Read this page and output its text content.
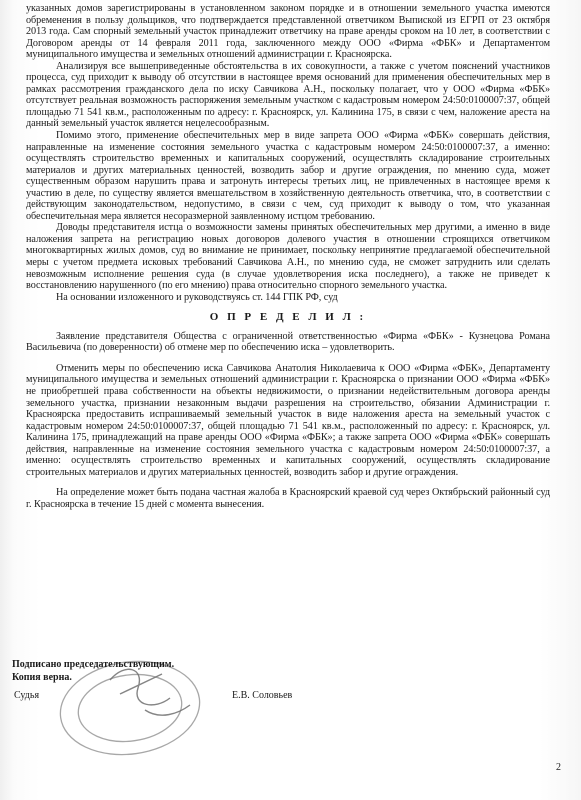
указанных домов зарегистрированы в установленном законом порядке и в отношении земельного участка имеются обременения в пользу дольщиков, что подтверждается представленной ответчиком Выпиской из ЕГРП от 23 октября 2013 года. Сам спорный земельный участок принадлежит ответчику на праве аренды сроком на 10 лет, в соответствии с Договором аренды от 14 февраля 2011 года, заключенного между ООО «Фирма «ФБК» и Департаментом муниципального имущества и земельных отношений администрации г. Красноярска.

Анализируя все вышеприведенные обстоятельства в их совокупности, а также с учетом пояснений участников процесса, суд приходит к выводу об отсутствии в настоящее время оснований для применения обеспечительных мер в рамках рассмотрения гражданского дела по иску Савчикова А.Н., поскольку полагает, что у ООО «Фирма «ФБК» отсутствует реальная возможность распоряжения земельным участком с кадастровым номером 24:50:0100007:37, общей площадью 71 541 кв.м., расположенным по адресу: г. Красноярск, ул. Калинина 175, в связи с чем, наложение ареста на данный земельный участок является нецелесообразным.

Помимо этого, применение обеспечительных мер в виде запрета ООО «Фирма «ФБК» совершать действия, направленные на изменение состояния земельного участка с кадастровым номером 24:50:0100007:37, а именно: осуществлять строительство временных и капитальных сооружений, осуществлять складирование строительных материалов и других материальных ценностей, возводить забор и другие ограждения, по мнению суда, может существенным образом нарушить права и затронуть интересы третьих лиц, не привлеченных в настоящее время к участию в деле, по существу является вмешательством в хозяйственную деятельность ответчика, что, в соответствии с действующим законодательством, недопустимо, в связи с чем, суд приходит к выводу о том, что указанная обеспечительная мера является несоразмерной заявленному истцом требованию.

Доводы представителя истца о возможности замены принятых обеспечительных мер другими, а именно в виде наложения запрета на регистрацию новых договоров долевого участия в отношении строящихся ответчиком многоквартирных жилых домов, суд во внимание не принимает, поскольку непринятие предлагаемой обеспечительной меры с учетом предмета исковых требований Савчикова А.Н., по мнению суда, не сможет затруднить или сделать невозможным исполнение решения суда (в случае удовлетворения иска последнего), а также не приведет к восстановлению нарушенного (по его мнению) права относительно спорного земельного участка.

На основании изложенного и руководствуясь ст. 144 ГПК РФ, суд

О П Р Е Д Е Л И Л :

Заявление представителя Общества с ограниченной ответственностью «Фирма «ФБК» - Кузнецова Романа Васильевича (по доверенности) об отмене мер по обеспечению иска – удовлетворить.

Отменить меры по обеспечению иска Савчикова Анатолия Николаевича к ООО «Фирма «ФБК», Департаменту муниципального имущества и земельных отношений администрации г. Красноярска о признании ООО «Фирма «ФБК» не приобретшей права собственности на объекты недвижимости, о признании недействительным договора аренды земельного участка, признании незаконным выдачи разрешения на строительство, обязании Администрации г. Красноярска предоставить испрашиваемый земельный участок в виде наложения ареста на земельный участок с кадастровым номером 24:50:0100007:37, общей площадью 71 541 кв.м., расположенный по адресу: г. Красноярск, ул. Калинина 175, принадлежащий на праве аренды ООО «Фирма «ФБК»; а также запрета ООО «Фирма «ФБК» совершать действия, направленные на изменение состояния земельного участка с кадастровым номером 24:50:0100007:37, а именно: осуществлять строительство временных и капитальных сооружений, осуществлять складирование строительных материалов и других материальных ценностей, возводить забор и другие ограждения.

На определение может быть подана частная жалоба в Красноярский краевой суд через Октябрьский районный суд г. Красноярска в течение 15 дней с момента вынесения.

Подписано председательствующим.
Копия верна.
Судья	Е.В. Соловьев
2
